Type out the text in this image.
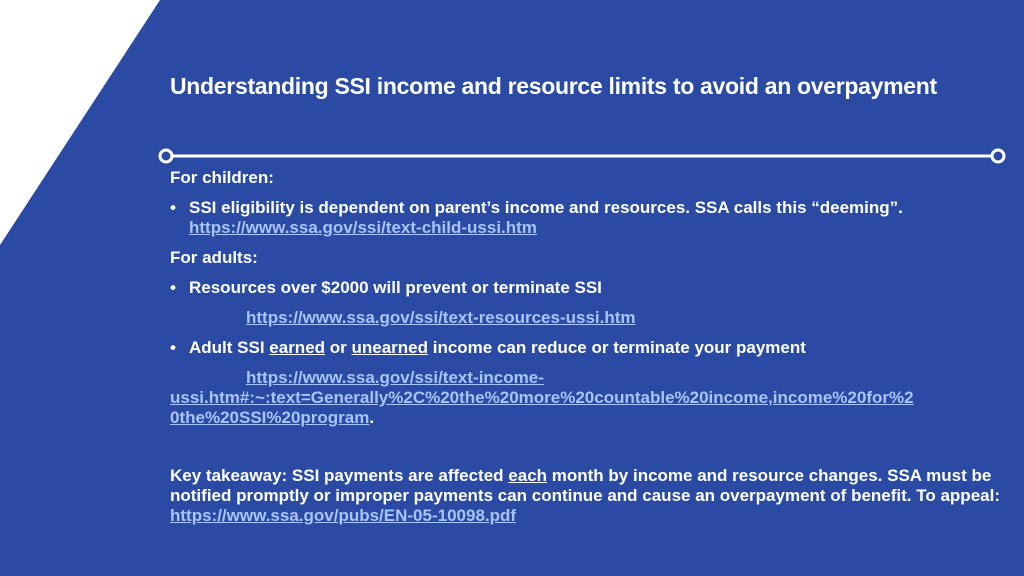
Understanding SSI income and resource limits to avoid an overpayment
For children:
• SSI eligibility is dependent on parent’s income and resources. SSA calls this “deeming”.
https://www.ssa.gov/ssi/text-child-ussi.htm
For adults:
• Resources over $2000 will prevent or terminate SSI
https://www.ssa.gov/ssi/text-resources-ussi.htm
• Adult SSI earned or unearned income can reduce or terminate your payment
https://www.ssa.gov/ssi/text-income-
ussi.htm#:~:text=Generally%2C%20the%20more%20countable%20income,income%20for%2
0the%20SSI%20program.
Key takeaway: SSI payments are affected each month by income and resource changes. SSA must be notified promptly or improper payments can continue and cause an overpayment of benefit. To appeal: https://www.ssa.gov/pubs/EN-05-10098.pdf
